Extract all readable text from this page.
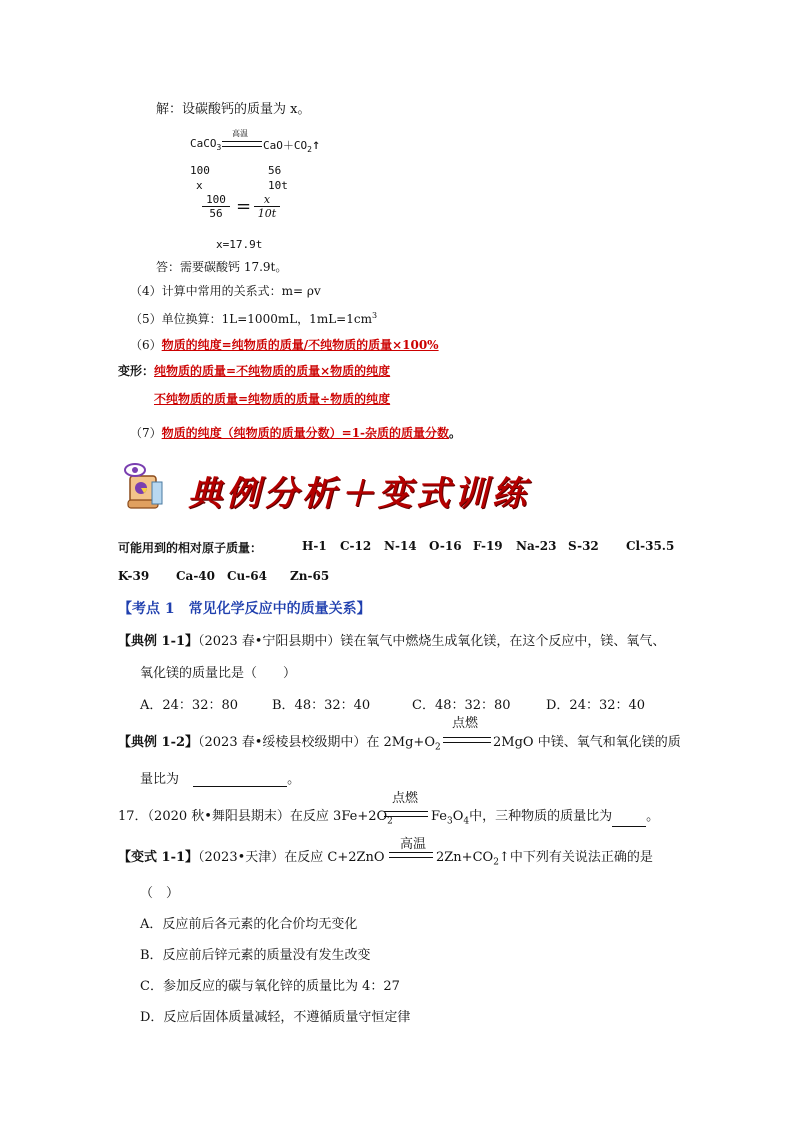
解：设碳酸钙的质量为 x。
CaCO$_3$
高温
$CaO+CO_2↑$
100	56
x	10t
$\frac{100}{56} = \frac{x}{10t}$
x=17.9t
答：需要碳酸钙 17.9t。
（4）计算中常用的关系式：m= ρv
（5）单位换算：1L=1000mL，$1mL=1cm^3$
（6）物质的纯度=纯物质的质量/不纯物质的质量×100%
变形：纯物质的质量=不纯物质的质量×物质的纯度
不纯物质的质量=纯物质的质量÷物质的纯度
（7）物质的纯度（纯物质的质量分数）=1-杂质的质量分数。
典例分析＋变式训练
可能用到的相对原子质量：	H-1 C-12 N-14 O-16 F-19 Na-23 S-32 Cl-35.5
K-39 Ca-40 Cu-64 Zn-65
【考点 1　常见化学反应中的质量关系】
【典例 1-1】（2023 春•宁阳县期中）镁在氧气中燃烧生成氧化镁，在这个反应中，镁、氧气、
氧化镁的质量比是（　　）
A．24：32：80	B．48：32：40	C．48：32：80	D．24：32：40
【典例 1-2】（2023 春•绥棱县校级期中）在 $2Mg+O_2$
点燃
2MgO 中镁、氧气和氧化镁的质
量比为	。
17．（2020 秋•舞阳县期末）在反应 $3Fe+2O_2$
点燃
$Fe_3O_4$中，三种物质的质量比为	。
【变式 1-1】（2023•天津）在反应 C+2ZnO
高温
$2Zn+CO_2↑$中下列有关说法正确的是
（　）
A．反应前后各元素的化合价均无变化
B．反应前后锌元素的质量没有发生改变
C．参加反应的碳与氧化锌的质量比为 4：27
D．反应后固体质量减轻，不遵循质量守恒定律
